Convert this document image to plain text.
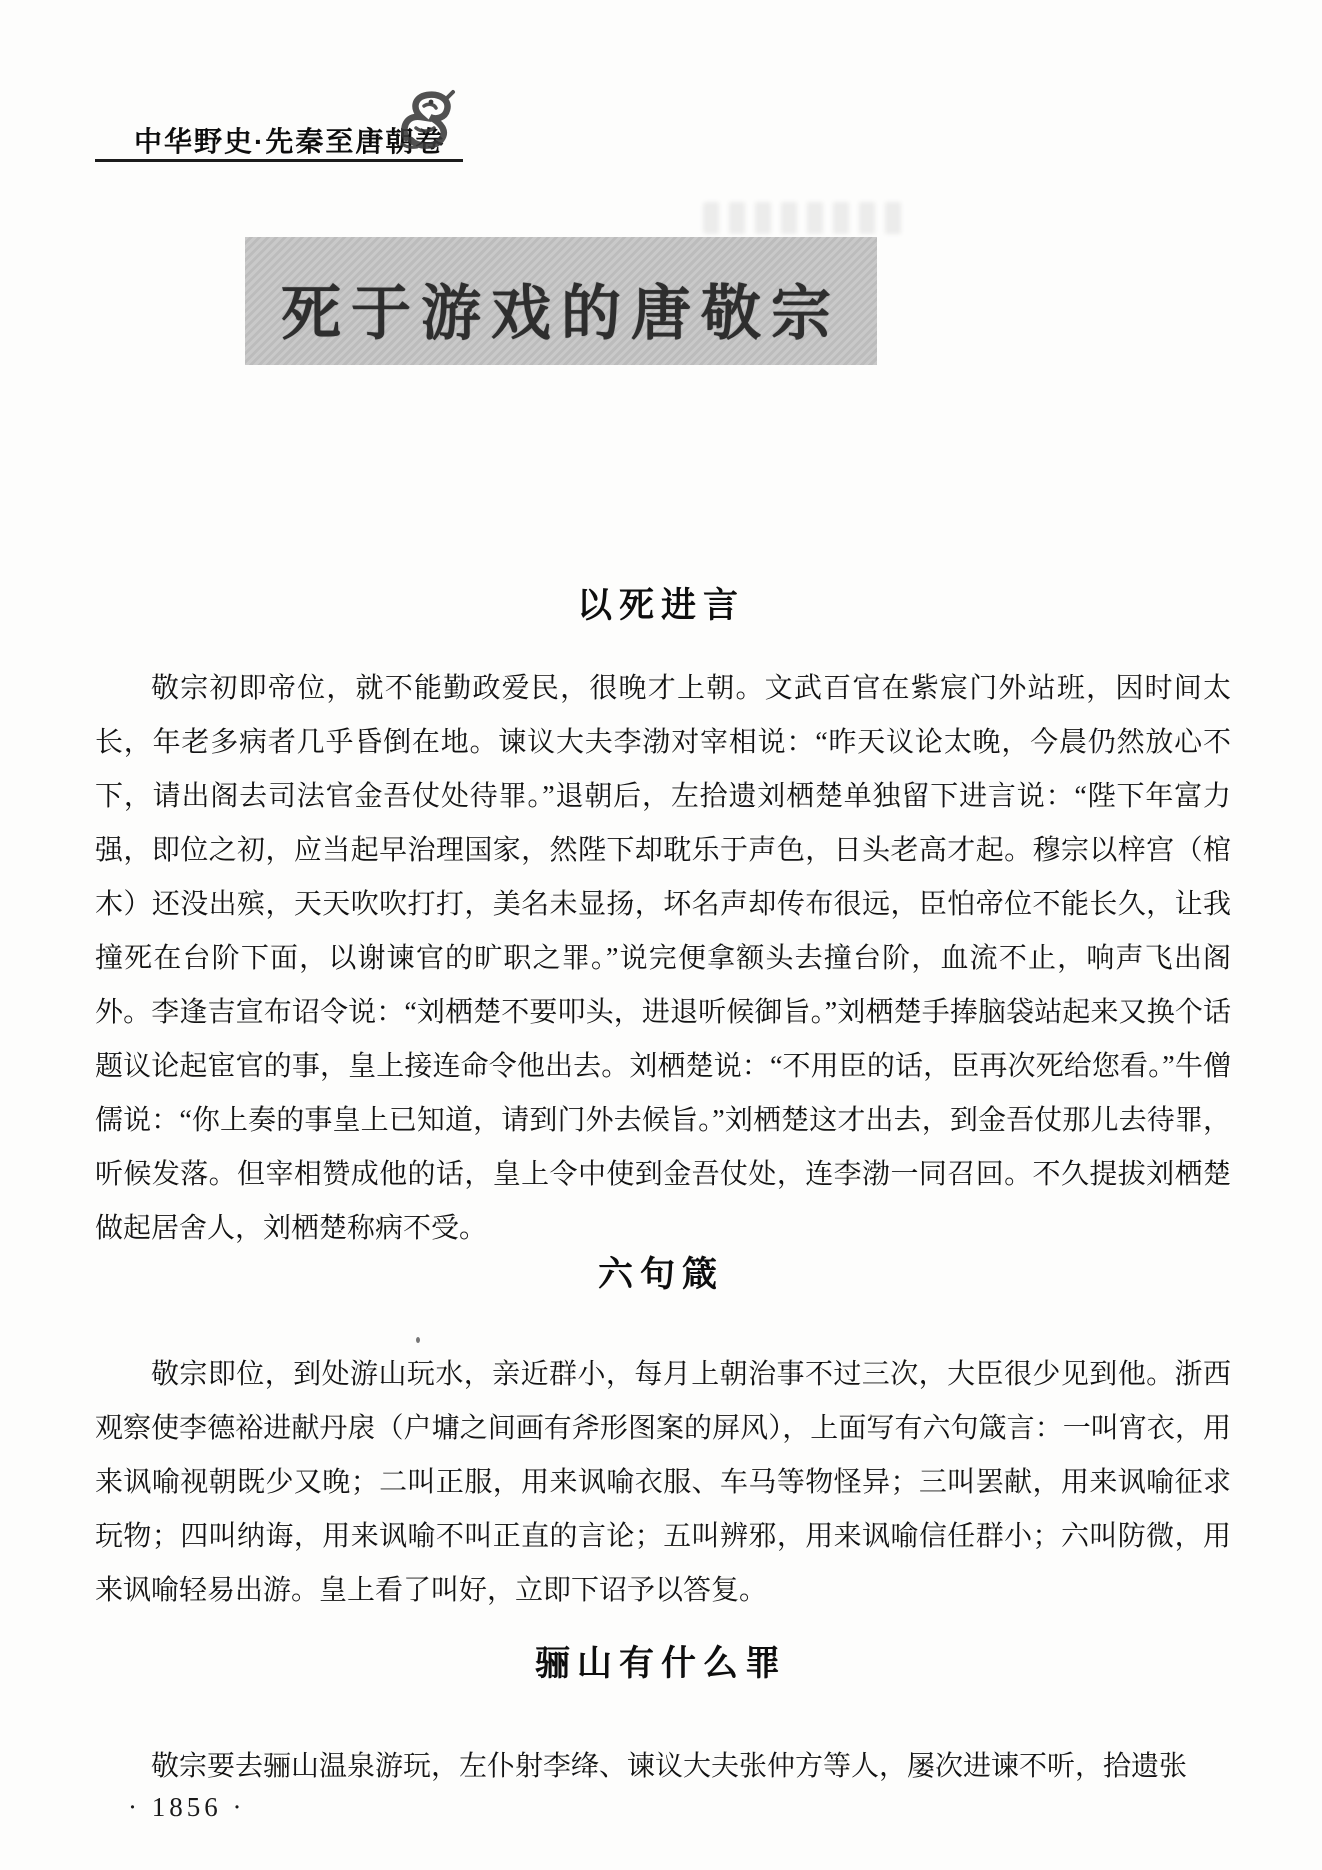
中华野史·先秦至唐朝卷
死于游戏的唐敬宗
以死进言

敬宗初即帝位，就不能勤政爱民，很晚才上朝。文武百官在紫宸门外站班，因时间太长，年老多病者几乎昏倒在地。谏议大夫李渤对宰相说：“昨天议论太晚，今晨仍然放心不下，请出阁去司法官金吾仗处待罪。”退朝后，左拾遗刘栖楚单独留下进言说：“陛下年富力强，即位之初，应当起早治理国家，然陛下却耽乐于声色，日头老高才起。穆宗以梓宫（棺木）还没出殡，天天吹吹打打，美名未显扬，坏名声却传布很远，臣怕帝位不能长久，让我撞死在台阶下面，以谢谏官的旷职之罪。”说完便拿额头去撞台阶，血流不止，响声飞出阁外。李逢吉宣布诏令说：“刘栖楚不要叩头，进退听候御旨。”刘栖楚手捧脑袋站起来又换个话题议论起宦官的事，皇上接连命令他出去。刘栖楚说：“不用臣的话，臣再次死给您看。”牛僧儒说：“你上奏的事皇上已知道，请到门外去候旨。”刘栖楚这才出去，到金吾仗那儿去待罪，听候发落。但宰相赞成他的话，皇上令中使到金吾仗处，连李渤一同召回。不久提拔刘栖楚做起居舍人，刘栖楚称病不受。

六句箴

敬宗即位，到处游山玩水，亲近群小，每月上朝治事不过三次，大臣很少见到他。浙西观察使李德裕进献丹扆（户墉之间画有斧形图案的屏风），上面写有六句箴言：一叫宵衣，用来讽喻视朝既少又晚；二叫正服，用来讽喻衣服、车马等物怪异；三叫罢献，用来讽喻征求玩物；四叫纳诲，用来讽喻不叫正直的言论；五叫辨邪，用来讽喻信任群小；六叫防微，用来讽喻轻易出游。皇上看了叫好，立即下诏予以答复。

骊山有什么罪

敬宗要去骊山温泉游玩，左仆射李绛、谏议大夫张仲方等人，屡次进谏不听，拾遗张

· 1856 ·
